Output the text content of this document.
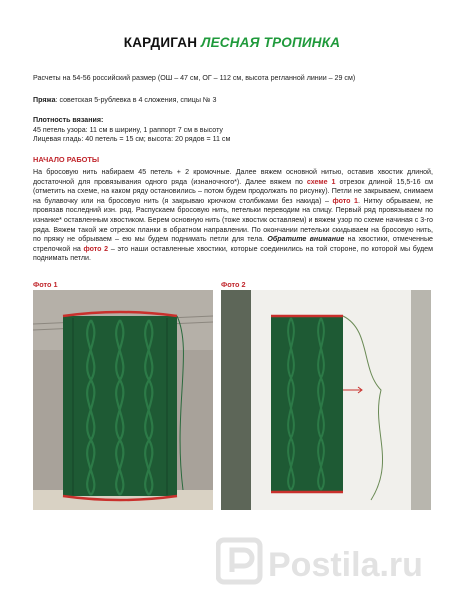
КАРДИГАН ЛЕСНАЯ ТРОПИНКА
Расчеты на 54-56 российский размер (ОШ – 47 см, ОГ – 112 см, высота регланной линии – 29 см)
Пряжа: советская 5-рублевка в 4 сложения, спицы № 3
Плотность вязания:
45 петель узора: 11 см в ширину, 1 раппорт 7 см в высоту
Лицевая гладь: 40 петель = 15 см; высота: 20 рядов = 11 см
НАЧАЛО РАБОТЫ
На бросовую нить набираем 45 петель + 2 кромочные. Далее вяжем основной нитью, оставив хвостик длиной, достаточной для провязывания одного ряда (изнаночного*). Далее вяжем по схеме 1 отрезок длиной 15,5-16 см (отметить на схеме, на каком ряду остановились – потом будем продолжать по рисунку). Петли не закрываем, снимаем на булавочку или на бросовую нить (я закрываю крючком столбиками без накида) – фото 1. Нитку обрываем, не провязав последний изн. ряд. Распускаем бросовую нить, петельки переводим на спицу. Первый ряд провязываем по изнанке* оставленным хвостиком. Берем основную нить (тоже хвостик оставляем) и вяжем узор по схеме начиная с 3-го ряда. Вяжем такой же отрезок планки в обратном направлении. По окончании петельки скидываем на бросовую нить, по пряжу не обрываем – ею мы будем поднимать петли для тела. Обратите внимание на хвостики, отмеченные стрелочкой на фото 2 – это наши оставленные хвостики, которые соединились на той стороне, по которой мы будем поднимать петли.
Фото 1	Фото 2
Postila.ru
